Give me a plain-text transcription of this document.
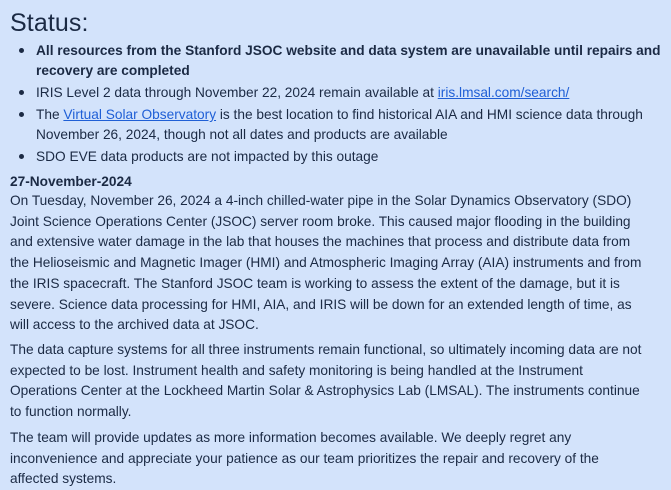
Status:
All resources from the Stanford JSOC website and data system are unavailable until repairs and recovery are completed
IRIS Level 2 data through November 22, 2024 remain available at iris.lmsal.com/search/
The Virtual Solar Observatory is the best location to find historical AIA and HMI science data through November 26, 2024, though not all dates and products are available
SDO EVE data products are not impacted by this outage

27-November-2024

On Tuesday, November 26, 2024 a 4-inch chilled-water pipe in the Solar Dynamics Observatory (SDO) Joint Science Operations Center (JSOC) server room broke. This caused major flooding in the building and extensive water damage in the lab that houses the machines that process and distribute data from the Helioseismic and Magnetic Imager (HMI) and Atmospheric Imaging Array (AIA) instruments and from the IRIS spacecraft. The Stanford JSOC team is working to assess the extent of the damage, but it is severe. Science data processing for HMI, AIA, and IRIS will be down for an extended length of time, as will access to the archived data at JSOC.

The data capture systems for all three instruments remain functional, so ultimately incoming data are not expected to be lost. Instrument health and safety monitoring is being handled at the Instrument Operations Center at the Lockheed Martin Solar & Astrophysics Lab (LMSAL). The instruments continue to function normally.

The team will provide updates as more information becomes available. We deeply regret any inconvenience and appreciate your patience as our team prioritizes the repair and recovery of the affected systems.
